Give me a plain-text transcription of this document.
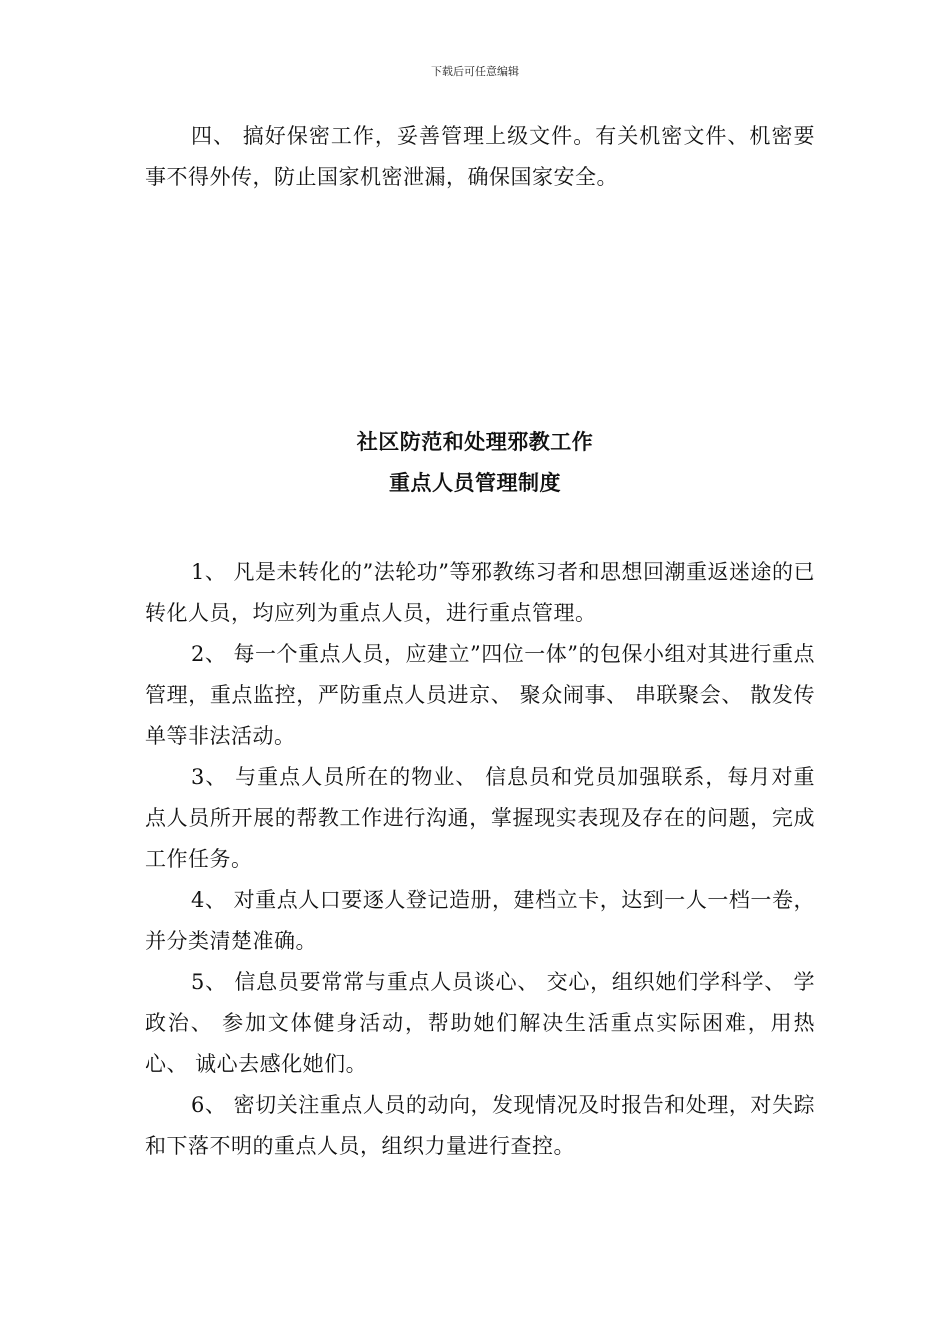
下载后可任意编辑

四、 搞好保密工作，妥善管理上级文件。有关机密文件、机密要事不得外传，防止国家机密泄漏，确保国家安全。

社区防范和处理邪教工作
重点人员管理制度

1、 凡是未转化的”法轮功”等邪教练习者和思想回潮重返迷途的已转化人员，均应列为重点人员，进行重点管理。

2、 每一个重点人员，应建立”四位一体”的包保小组对其进行重点管理，重点监控，严防重点人员进京、 聚众闹事、 串联聚会、 散发传单等非法活动。

3、 与重点人员所在的物业、 信息员和党员加强联系，每月对重点人员所开展的帮教工作进行沟通，掌握现实表现及存在的问题，完成工作任务。

4、 对重点人口要逐人登记造册，建档立卡，达到一人一档一卷，并分类清楚准确。

5、 信息员要常常与重点人员谈心、 交心，组织她们学科学、 学政治、 参加文体健身活动，帮助她们解决生活重点实际困难，用热心、 诚心去感化她们。

6、 密切关注重点人员的动向，发现情况及时报告和处理，对失踪和下落不明的重点人员，组织力量进行查控。
